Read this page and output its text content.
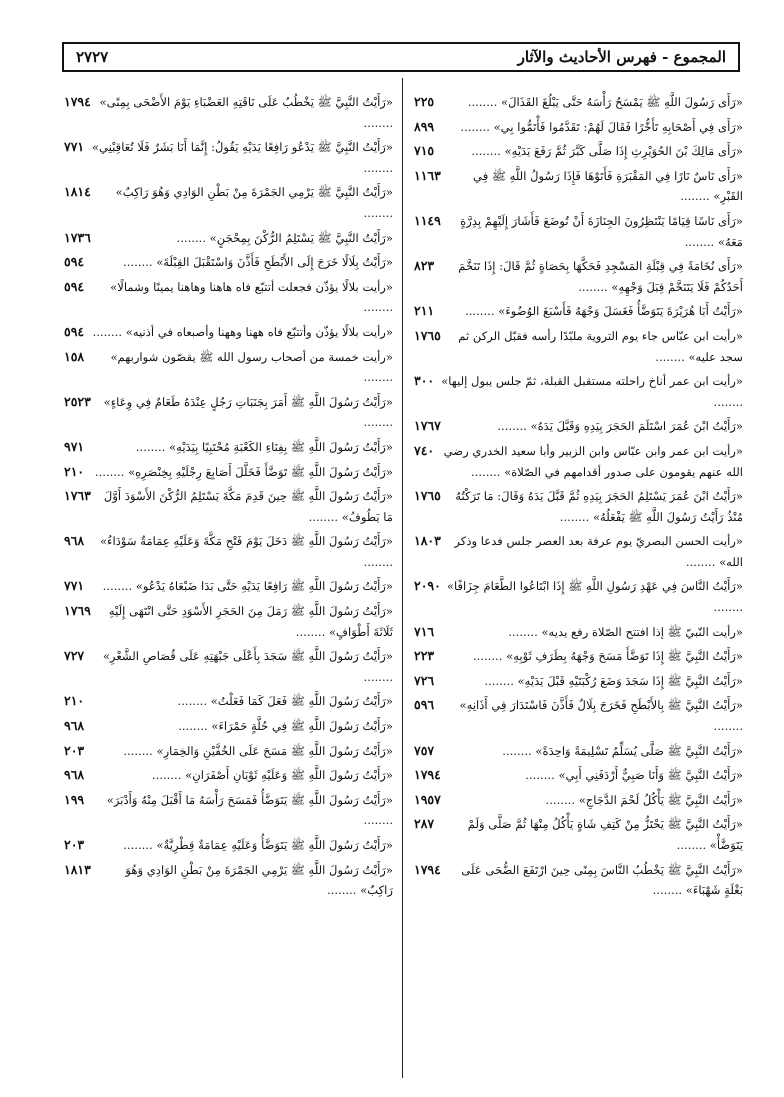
٢٧٢٧	المجموع - فهرس الأحاديث والآثار
٢٢٥	«رَأَى رَسُولَ اللَّهِ ﷺ يَمْسَحُ رَأْسَهُ حَتَّى يَبْلُغَ القَذَالَ» ........
٨٩٩ «رَأَى فِي أَصْحَابِهِ تَأَخُّرًا فَقَالَ لَهُمْ: تَقَدَّمُوا فَأْتَمُّوا بِي» ........
٧١٥	«رَأَى مَالِكَ بْنَ الحُوَيْرِثِ إِذَا صَلَّى كَبَّرَ ثُمَّ رَفَعَ يَدَيْهِ» ........
١١٦٣	«رَأَى نَاسٌ نَارًا فِي المَقْبَرَةِ فَأَتَوْهَا فَإِذَا رَسُولُ اللَّهِ ﷺ فِي القَبْرِ» ........
١١٤٩ «رَأَى نَاسًا قِيَامًا يَنْتَظِرُونَ الجِنَازَةَ أَنْ تُوضَعَ فَأَشَارَ إِلَيْهِمْ بِدِرَّةٍ مَعَهُ» ........
٨٢٣ «رَأَى نُخَامَةً فِي قِبْلَةِ المَسْجِدِ فَحَكَّهَا بِحَصَاةٍ ثُمَّ قَالَ: إِذَا تَنَخَّمَ أَحَدُكُمْ فَلَا يَتَنَخَّمْ قِبَلَ وَجْهِهِ» ........
٢١١	«رَأَيْتُ أَبَا هُرَيْرَةَ يَتَوَضَّأُ فَغَسَلَ وَجْهَهُ فَأَسْبَغَ الوُضُوءَ» ........
١٧٦٥ «رأيت ابن عبّاس جاء يوم التروية ملبّدًا رأسه فقبّل الركن ثم سجد عليه» ........
٣٠٠ «رأيت ابن عمر أناخ راحلته مستقبل القبلة، ثمّ جلس يبول إليها» ........
١٧٦٧	«رَأَيْتُ ابْنَ عُمَرَ اسْتَلَمَ الحَجَرَ بِيَدِهِ وَقَبَّلَ يَدَهُ» ........
٧٤٠ «رأيت ابن عمر وابن عبّاس وابن الزبير وأبا سعيد الخدري رضي الله عنهم يقومون على صدور أقدامهم في الصّلاة» ........
١٧٦٥ «رَأَيْتُ ابْنَ عُمَرَ يَسْتَلِمُ الحَجَرَ بِيَدِهِ ثُمَّ قَبَّلَ يَدَهُ وَقَالَ: مَا تَرَكْتُهُ مُنْذُ رَأَيْتُ رَسُولَ اللَّهِ ﷺ يَفْعَلُهُ» ........
١٨٠٣ «رأيت الحسن البصريّ يوم عرفة بعد العصر جلس فدعا وذكر الله» ........
٢٠٩٠ «رَأَيْتُ النَّاسَ فِي عَهْدِ رَسُولِ اللَّهِ ﷺ إِذَا ابْتَاعُوا الطَّعَامَ جِزَافًا» ........
٧١٦	«رأيت النّبيّ ﷺ إذا افتتح الصّلاة رفع يديه» ........
٢٢٣	«رَأَيْتُ النَّبِيَّ ﷺ إِذَا تَوَضَّأَ مَسَحَ وَجْهَهُ بِطَرَفِ ثَوْبِهِ» ........
٧٢٦	«رَأَيْتُ النَّبِيَّ ﷺ إِذَا سَجَدَ وَضَعَ رُكْبَتَيْهِ قَبْلَ يَدَيْهِ» ........
٥٩٦ «رَأَيْتُ النَّبِيَّ ﷺ بِالأَبْطَحِ فَخَرَجَ بِلَالٌ فَأَذَّنَ فَاسْتَدَارَ فِي أَذَانِهِ» ........
٧٥٧	«رَأَيْتُ النَّبِيَّ ﷺ صَلَّى يُسَلِّمُ تَسْلِيمَةً وَاحِدَةً» ........
١٧٩٤	«رَأَيْتُ النَّبِيَّ ﷺ وَأَنَا صَبِيٌّ أَرْدَفَنِي أَبِي» ........
١٩٥٧	«رَأَيْتُ النَّبِيَّ ﷺ يَأْكُلُ لَحْمَ الدَّجَاجِ» ........
٢٨٧	«رَأَيْتُ النَّبِيَّ ﷺ يَحْتَزُّ مِنْ كَتِفِ شَاةٍ يَأْكُلُ مِنْهَا ثُمَّ صَلَّى وَلَمْ يَتَوَضَّأْ» ........
١٧٩٤ «رَأَيْتُ النَّبِيَّ ﷺ يَخْطُبُ النَّاسَ بِمِنًى حِينَ ارْتَفَعَ الضُّحَى عَلَى بَغْلَةٍ شَهْبَاءَ» ........
١٧٩٤ «رَأَيْتُ النَّبِيَّ ﷺ يَخْطُبُ عَلَى نَاقَتِهِ العَضْبَاءِ يَوْمَ الأَضْحَى بِمِنًى» ........
٧٧١ «رَأَيْتُ النَّبِيَّ ﷺ يَدْعُو رَافِعًا يَدَيْهِ يَقُولُ: إِنَّمَا أَنَا بَشَرٌ فَلَا تُعَاقِبْنِي» ........
١٨١٤ «رَأَيْتُ النَّبِيَّ ﷺ يَرْمِي الجَمْرَةَ مِنْ بَطْنِ الوَادِي وَهُوَ رَاكِبٌ» ........
١٧٣٦	«رَأَيْتُ النَّبِيَّ ﷺ يَسْتَلِمُ الرُّكْنَ بِمِحْجَنٍ» ........
٥٩٤	«رَأَيْتُ بِلَالًا خَرَجَ إِلَى الأَبْطَحِ فَأَذَّنَ وَاسْتَقْبَلَ القِبْلَةَ» ........
٥٩٤ «رأيت بلالًا يؤذّن فجعلت أتتبّع فاه هاهنا وهاهنا يمينًا وشمالًا» ........
٥٩٤ «رأيت بلالًا يؤذّن وأتتبّع فاه ههنا وههنا وأصبعاه في أذنيه» ........
١٥٨ «رأيت خمسة من أصحاب رسول الله ﷺ يقصّون شواربهم» ........
٢٥٢٣ «رَأَيْتُ رَسُولَ اللَّهِ ﷺ أَمَرَ بِجَنَبَاتِ رَجُلٍ عِنْدَهُ طَعَامٌ فِي وِعَاءٍ» ........
٩٧١	«رَأَيْتُ رَسُولَ اللَّهِ ﷺ بِفِنَاءِ الكَعْبَةِ مُحْتَبِيًا بِيَدَيْهِ» ........
٢١٠ «رَأَيْتُ رَسُولَ اللَّهِ ﷺ تَوَضَّأَ فَخَلَّلَ أَصَابِعَ رِجْلَيْهِ بِخِنْصَرِهِ» ........
١٧٦٣ «رَأَيْتُ رَسُولَ اللَّهِ ﷺ حِينَ قَدِمَ مَكَّةَ يَسْتَلِمُ الرُّكْنَ الأَسْوَدَ أَوَّلَ مَا يَطُوفُ» ........
٩٦٨ «رَأَيْتُ رَسُولَ اللَّهِ ﷺ دَخَلَ يَوْمَ فَتْحِ مَكَّةَ وَعَلَيْهِ عِمَامَةٌ سَوْدَاءُ» ........
٧٧١ «رَأَيْتُ رَسُولَ اللَّهِ ﷺ رَافِعًا يَدَيْهِ حَتَّى بَدَا ضَبْعَاهُ يَدْعُو» ........
١٧٦٩ «رَأَيْتُ رَسُولَ اللَّهِ ﷺ رَمَلَ مِنَ الحَجَرِ الأَسْوَدِ حَتَّى انْتَهَى إِلَيْهِ ثَلَاثَةَ أَطْوَافٍ» ........
٧٢٧ «رَأَيْتُ رَسُولَ اللَّهِ ﷺ سَجَدَ بِأَعْلَى جَبْهَتِهِ عَلَى قُصَاصِ الشَّعْرِ» ........
٢١٠	«رَأَيْتُ رَسُولَ اللَّهِ ﷺ فَعَلَ كَمَا فَعَلْتُ» ........
٩٦٨	«رَأَيْتُ رَسُولَ اللَّهِ ﷺ فِي حُلَّةٍ حَمْرَاءَ» ........
٢٠٣	«رَأَيْتُ رَسُولَ اللَّهِ ﷺ مَسَحَ عَلَى الخُفَّيْنِ وَالخِمَارِ» ........
٩٦٨	«رَأَيْتُ رَسُولَ اللَّهِ ﷺ وَعَلَيْهِ ثَوْبَانِ أَصْفَرَانِ» ........
١٩٩ «رَأَيْتُ رَسُولَ اللَّهِ ﷺ يَتَوَضَّأُ فَمَسَحَ رَأْسَهُ مَا أَقْبَلَ مِنْهُ وَأَدْبَرَ» ........
٢٠٣	«رَأَيْتُ رَسُولَ اللَّهِ ﷺ يَتَوَضَّأُ وَعَلَيْهِ عِمَامَةٌ قِطْرِيَّةٌ» ........
١٨١٣	«رَأَيْتُ رَسُولَ اللَّهِ ﷺ يَرْمِي الجَمْرَةَ مِنْ بَطْنِ الوَادِي وَهُوَ رَاكِبٌ» ........
